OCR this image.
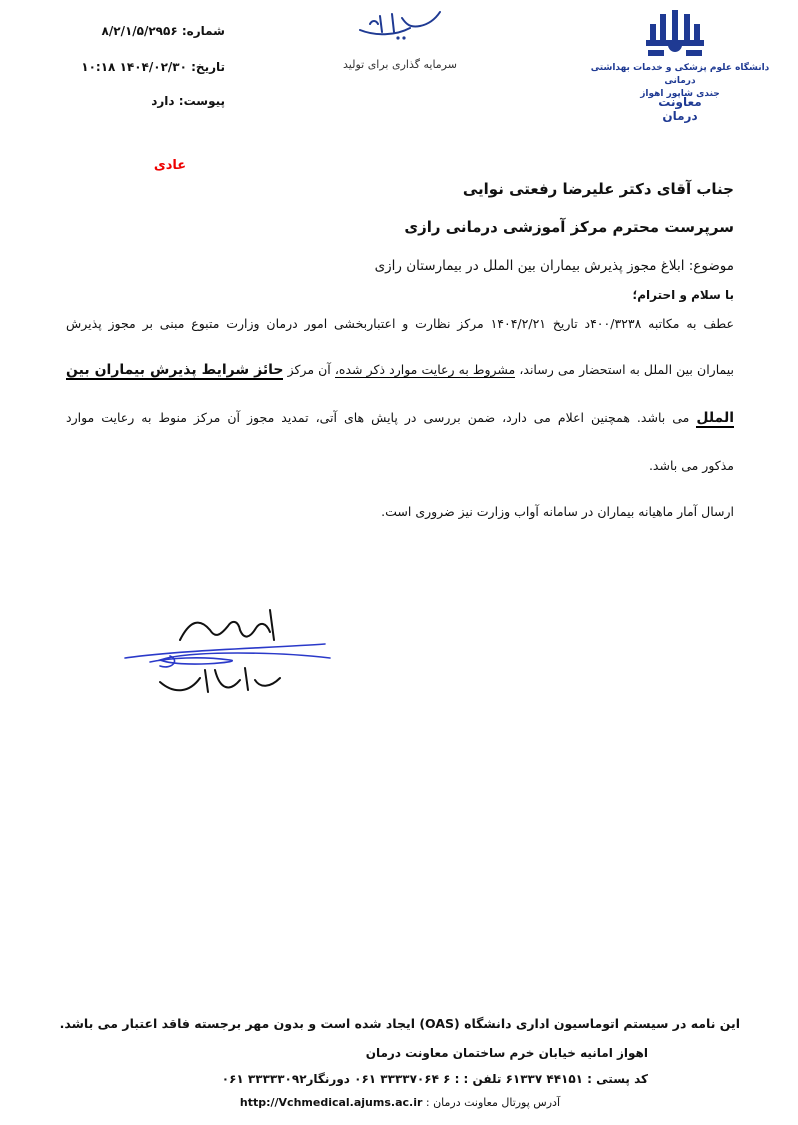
شماره: ۸/۲/۱/۵/۲۹۵۶
تاریخ: ۱۴۰۴/۰۲/۳۰ ۱۰:۱۸
پیوست: دارد
سرمایه گذاری برای تولید	دانشگاه علوم پزشکی و خدمات بهداشتی درمانی
جندی شاپور اهواز
معاونت درمان
عادی
جناب آقای دکتر علیرضا رفعتی نوایی
سرپرست محترم مرکز آموزشی درمانی رازی
موضوع: ابلاغ مجوز پذیرش بیماران بین الملل در بیمارستان رازی
با سلام و احترام؛
عطف به مکاتبه ۴۰۰/۳۲۳۸د تاریخ ۱۴۰۴/۲/۲۱ مرکز نظارت و اعتباربخشی امور درمان وزارت متبوع مبنی بر مجوز پذیرش
بیماران بین الملل به استحضار می رساند، مشروط به رعایت موارد ذکر شده، آن مرکز حائز شرایط پذیرش بیماران بین
الملل می باشد. همچنین اعلام می دارد، ضمن بررسی در پایش های آتی، تمدید مجوز آن مرکز منوط به رعایت موارد
مذکور می باشد.
ارسال آمار ماهیانه بیماران در سامانه آواب وزارت نیز ضروری است.
این نامه در سیستم اتوماسیون اداری دانشگاه (OAS) ایجاد شده است و بدون مهر برجسته فاقد اعتبار می باشد.
اهواز امانیه خیابان خرم ساختمان معاونت درمان
کد پستی : ۴۴۱۵۱ ۶۱۳۳۷ تلفن : : ۶ ۳۳۳۳۷۰۶۴ ۰۶۱ دورنگار۳۳۳۳۳۰۹۲ ۰۶۱
آدرس پورتال معاونت درمان : http://Vchmedical.ajums.ac.ir
